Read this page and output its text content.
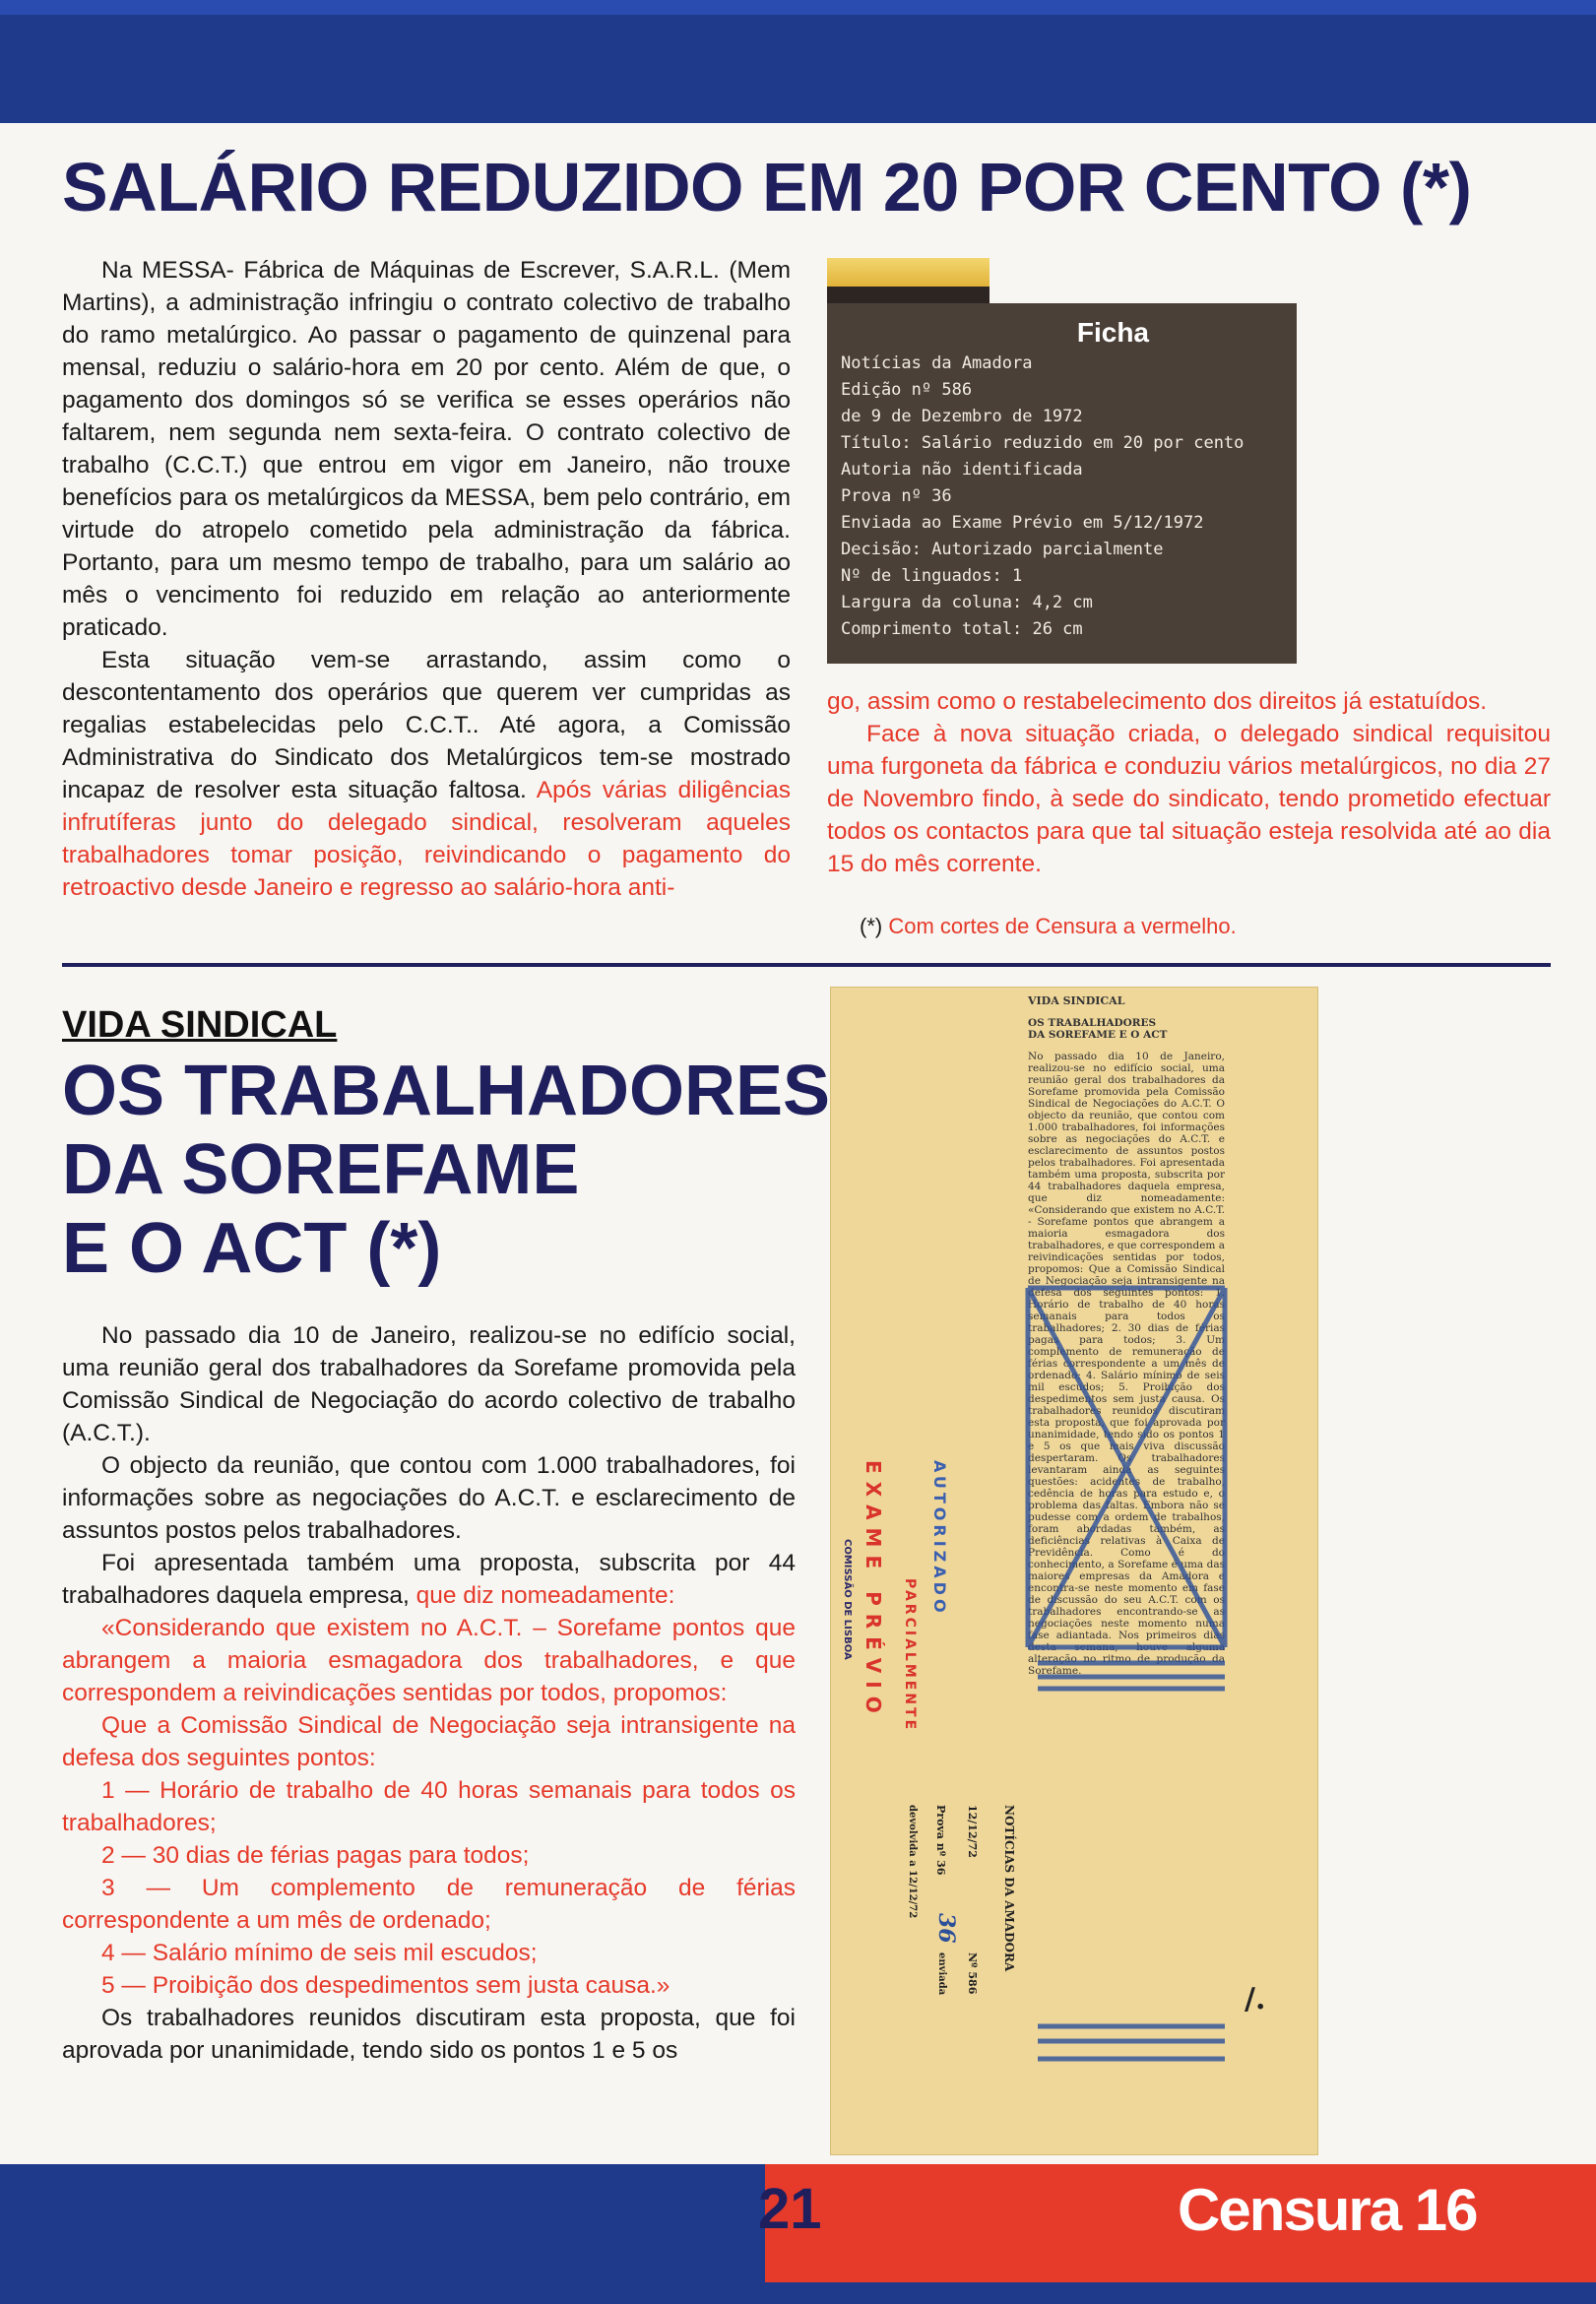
SALÁRIO REDUZIDO EM 20 POR CENTO (*)

Na MESSA- Fábrica de Máquinas de Escrever, S.A.R.L. (Mem Martins), a administração infringiu o contrato colectivo de trabalho do ramo metalúrgico. Ao passar o pagamento de quinzenal para mensal, reduziu o salário-hora em 20 por cento. Além de que, o pagamento dos domingos só se verifica se esses operários não faltarem, nem segunda nem sexta-feira. O contrato colectivo de trabalho (C.C.T.) que entrou em vigor em Janeiro, não trouxe benefícios para os metalúrgicos da MESSA, bem pelo contrário, em virtude do atropelo cometido pela administração da fábrica. Portanto, para um mesmo tempo de trabalho, para um salário ao mês o vencimento foi reduzido em relação ao anteriormente praticado.

Esta situação vem-se arrastando, assim como o descontentamento dos operários que querem ver cumpridas as regalias estabelecidas pelo C.C.T.. Até agora, a Comissão Administrativa do Sindicato dos Metalúrgicos tem-se mostrado incapaz de resolver esta situação faltosa. Após várias diligências infrutíferas junto do delegado sindical, resolveram aqueles trabalhadores tomar posição, reivindicando o pagamento do retroactivo desde Janeiro e regresso ao salário-hora anti-

Ficha
Notícias da Amadora
Edição nº 586
de 9 de Dezembro de 1972
Título: Salário reduzido em 20 por cento
Autoria não identificada
Prova nº 36
Enviada ao Exame Prévio em 5/12/1972
Decisão: Autorizado parcialmente
Nº de linguados: 1
Largura da coluna: 4,2 cm
Comprimento total: 26 cm

go, assim como o restabelecimento dos direitos já estatuídos.

Face à nova situação criada, o delegado sindical requisitou uma furgoneta da fábrica e conduziu vários metalúrgicos, no dia 27 de Novembro findo, à sede do sindicato, tendo prometido efectuar todos os contactos para que tal situação esteja resolvida até ao dia 15 do mês corrente.

(*) Com cortes de Censura a vermelho.
VIDA SINDICAL
OS TRABALHADORES
DA SOREFAME
E O ACT (*)

No passado dia 10 de Janeiro, realizou-se no edifício social, uma reunião geral dos trabalhadores da Sorefame promovida pela Comissão Sindical de Negociação do acordo colectivo de trabalho (A.C.T.).

O objecto da reunião, que contou com 1.000 trabalhadores, foi informações sobre as negociações do A.C.T. e esclarecimento de assuntos postos pelos trabalhadores.

Foi apresentada também uma proposta, subscrita por 44 trabalhadores daquela empresa, que diz nomeadamente:

«Considerando que existem no A.C.T. – Sorefame pontos que abrangem a maioria esmagadora dos trabalhadores, e que correspondem a reivindicações sentidas por todos, propomos:

Que a Comissão Sindical de Negociação seja intransigente na defesa dos seguintes pontos:

1 — Horário de trabalho de 40 horas semanais para todos os trabalhadores;

2 — 30 dias de férias pagas para todos;

3 — Um complemento de remuneração de férias correspondente a um mês de ordenado;

4 — Salário mínimo de seis mil escudos;

5 — Proibição dos despedimentos sem justa causa.»

Os trabalhadores reunidos discutiram esta proposta, que foi aprovada por unanimidade, tendo sido os pontos 1 e 5 os

VIDA SINDICAL
OS TRABALHADORES
DA SOREFAME E O ACT
No passado dia 10 de Janeiro, realizou-se no edifício social, uma reunião geral dos trabalhadores da Sorefame promovida pela Comissão Sindical de Negociações do A.C.T. O objecto da reunião, que contou com 1.000 trabalhadores, foi informações sobre as negociações do A.C.T. e esclarecimento de assuntos postos pelos trabalhadores. Foi apresentada também uma proposta, subscrita por 44 trabalhadores daquela empresa, que diz nomeadamente: «Considerando que existem no A.C.T. - Sorefame pontos que abrangem a maioria esmagadora dos trabalhadores, e que correspondem a reivindicações sentidas por todos, propomos: Que a Comissão Sindical de Negociação seja intransigente na defesa dos seguintes pontos: 1. Horário de trabalho de 40 horas semanais para todos os trabalhadores; 2. 30 dias de férias pagas para todos; 3. Um complemento de remuneração de férias correspondente a um mês de ordenado; 4. Salário mínimo de seis mil escudos; 5. Proibição dos despedimentos sem justa causa. Os trabalhadores reunidos discutiram esta proposta, que foi aprovada por unanimidade, tendo sido os pontos 1 e 5 os que mais viva discussão despertaram. Os trabalhadores levantaram ainda as seguintes questões: acidentes de trabalho, cedência de horas para estudo e, o problema das faltas. Embora não se pudesse com a ordem de trabalhos, foram abordadas também, as deficiências relativas à Caixa de Previdência. Como é do conhecimento, a Sorefame é uma das maiores empresas da Amadora e encontra-se neste momento em fase de discussão do seu A.C.T. com os trabalhadores encontrando-se as negociações neste momento numa fase adiantada. Nos primeiros dias desta semana, houve alguma alteração no ritmo de produção da Sorefame.
EXAME PRÉVIO	AUTORIZADO
PARCIALMENTE
COMISSÃO DE LISBOA
NOTÍCIAS DA AMADORA
Nº 586
12/12/72
Prova nº 36
36
enviada
devolvida a 12/12/72
/.
21	Censura 16
